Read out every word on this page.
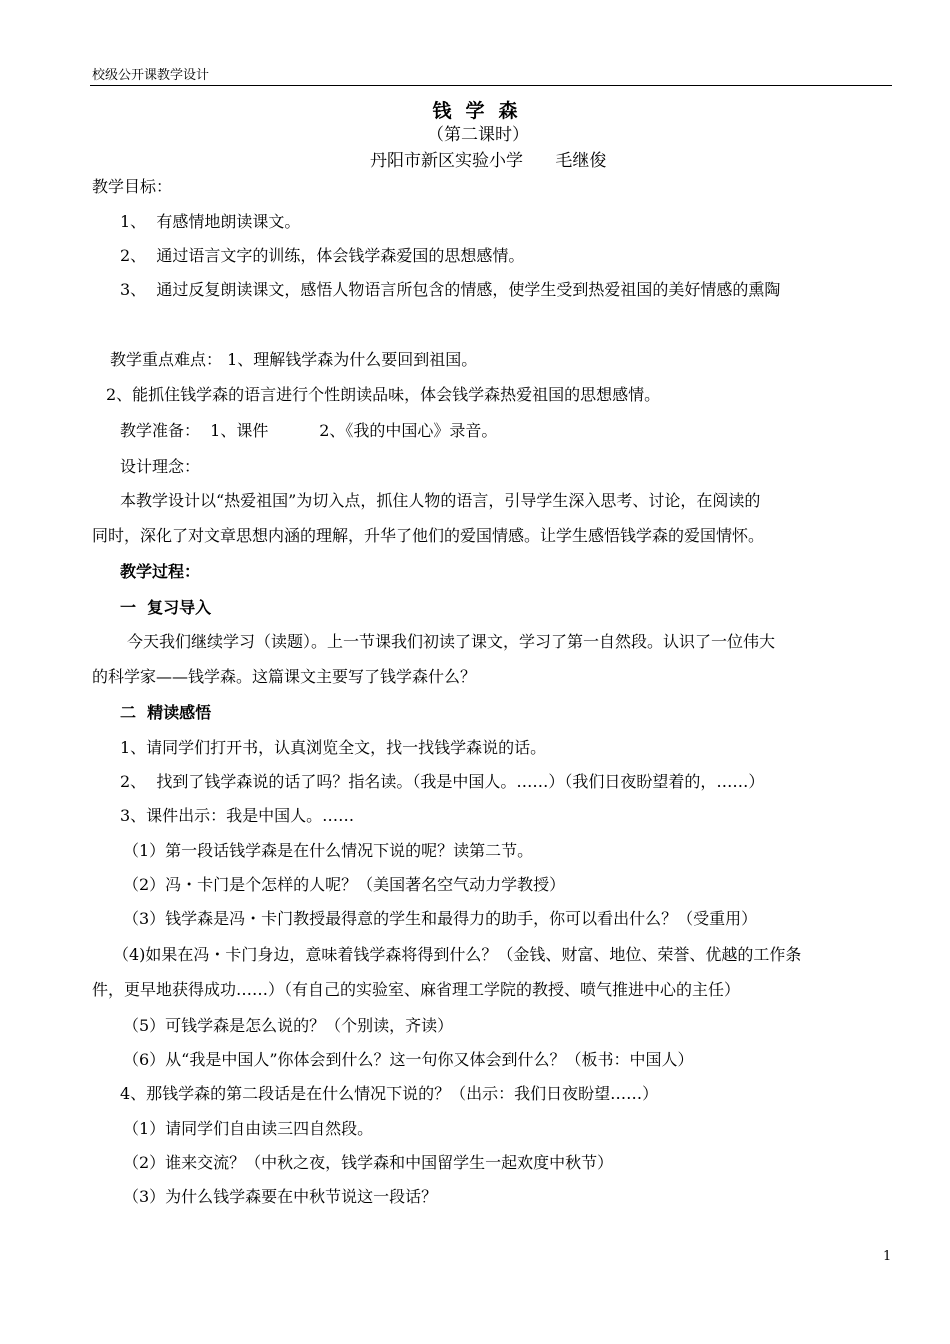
校级公开课教学设计
钱学森
（第二课时）
丹阳市新区实验小学      毛继俊
教学目标：
1、  有感情地朗读课文。
2、  通过语言文字的训练，体会钱学森爱国的思想感情。
3、  通过反复朗读课文，感悟人物语言所包含的情感，使学生受到热爱祖国的美好情感的熏陶
教学重点难点： 1、理解钱学森为什么要回到祖国。
2、能抓住钱学森的语言进行个性朗读品味，体会钱学森热爱祖国的思想感情。
教学准备：  1、课件          2、《我的中国心》录音。
设计理念：
本教学设计以“热爱祖国”为切入点，抓住人物的语言，引导学生深入思考、讨论，在阅读的
同时，深化了对文章思想内涵的理解，升华了他们的爱国情感。让学生感悟钱学森的爱国情怀。
教学过程：
一  复习导入
今天我们继续学习（读题）。上一节课我们初读了课文，学习了第一自然段。认识了一位伟大
的科学家——钱学森。这篇课文主要写了钱学森什么？
二  精读感悟
1、请同学们打开书，认真浏览全文，找一找钱学森说的话。
2、  找到了钱学森说的话了吗？指名读。（我是中国人。……）（我们日夜盼望着的，……）
3、课件出示：我是中国人。……
（1）第一段话钱学森是在什么情况下说的呢？读第二节。
（2）冯・卡门是个怎样的人呢？（美国著名空气动力学教授）
（3）钱学森是冯・卡门教授最得意的学生和最得力的助手，你可以看出什么？（受重用）
（4)如果在冯・卡门身边，意味着钱学森将得到什么？（金钱、财富、地位、荣誉、优越的工作条
件，更早地获得成功……）（有自己的实验室、麻省理工学院的教授、喷气推进中心的主任）
（5）可钱学森是怎么说的？（个别读，齐读）
（6）从“我是中国人”你体会到什么？这一句你又体会到什么？（板书：中国人）
4、那钱学森的第二段话是在什么情况下说的？（出示：我们日夜盼望……）
（1）请同学们自由读三四自然段。
（2）谁来交流？（中秋之夜，钱学森和中国留学生一起欢度中秋节）
（3）为什么钱学森要在中秋节说这一段话？
1
